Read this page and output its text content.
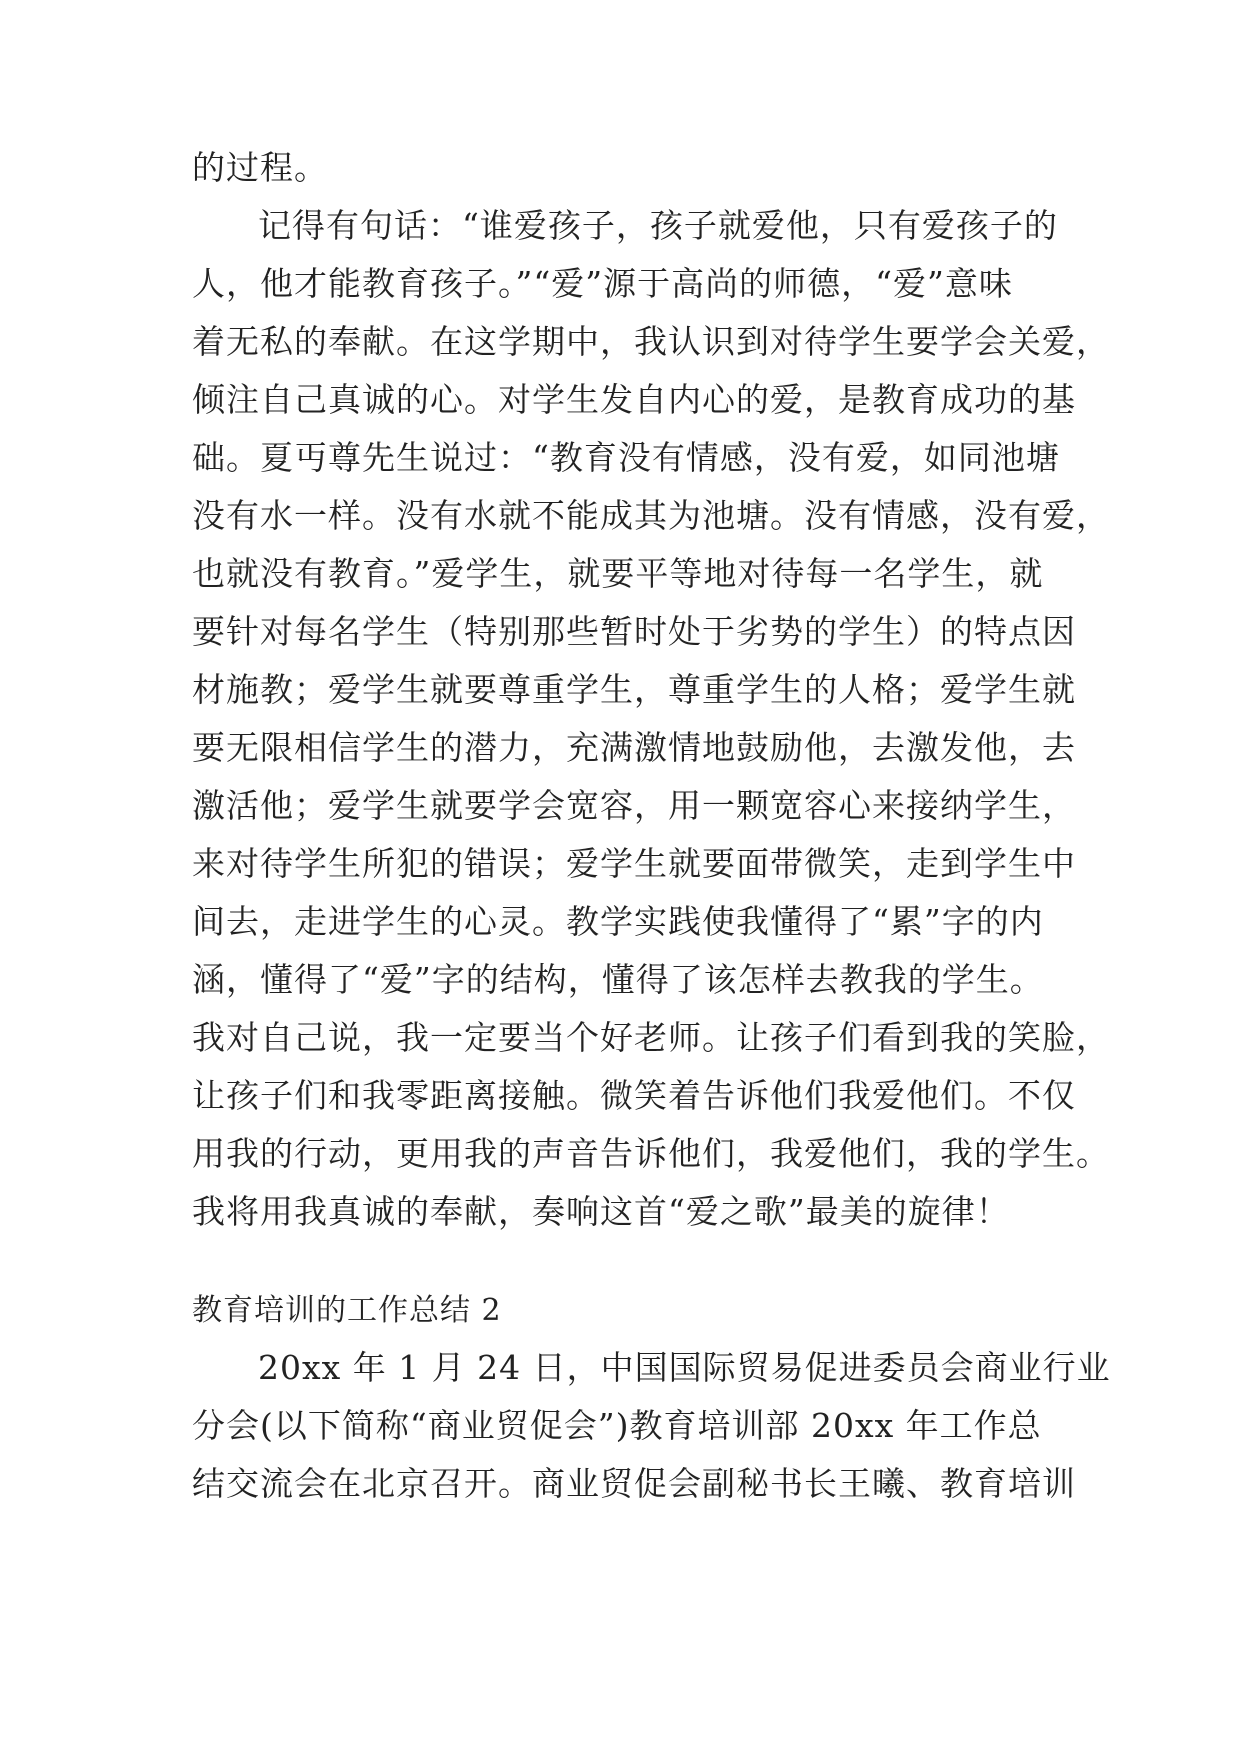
的过程。
记得有句话：“谁爱孩子，孩子就爱他，只有爱孩子的
人，他才能教育孩子。”“爱”源于高尚的师德，“爱”意味
着无私的奉献。在这学期中，我认识到对待学生要学会关爱，
倾注自己真诚的心。对学生发自内心的爱，是教育成功的基
础。夏丏尊先生说过：“教育没有情感，没有爱，如同池塘
没有水一样。没有水就不能成其为池塘。没有情感，没有爱，
也就没有教育。”爱学生，就要平等地对待每一名学生，就
要针对每名学生（特别那些暂时处于劣势的学生）的特点因
材施教；爱学生就要尊重学生，尊重学生的人格；爱学生就
要无限相信学生的潜力，充满激情地鼓励他，去激发他，去
激活他；爱学生就要学会宽容，用一颗宽容心来接纳学生，
来对待学生所犯的错误；爱学生就要面带微笑，走到学生中
间去，走进学生的心灵。教学实践使我懂得了“累”字的内
涵，懂得了“爱”字的结构，懂得了该怎样去教我的学生。
我对自己说，我一定要当个好老师。让孩子们看到我的笑脸，
让孩子们和我零距离接触。微笑着告诉他们我爱他们。不仅
用我的行动，更用我的声音告诉他们，我爱他们，我的学生。
我将用我真诚的奉献，奏响这首“爱之歌”最美的旋律！
教育培训的工作总结 2
20xx 年 1 月 24 日，中国国际贸易促进委员会商业行业
分会(以下简称“商业贸促会”)教育培训部 20xx 年工作总
结交流会在北京召开。商业贸促会副秘书长王曦、教育培训
